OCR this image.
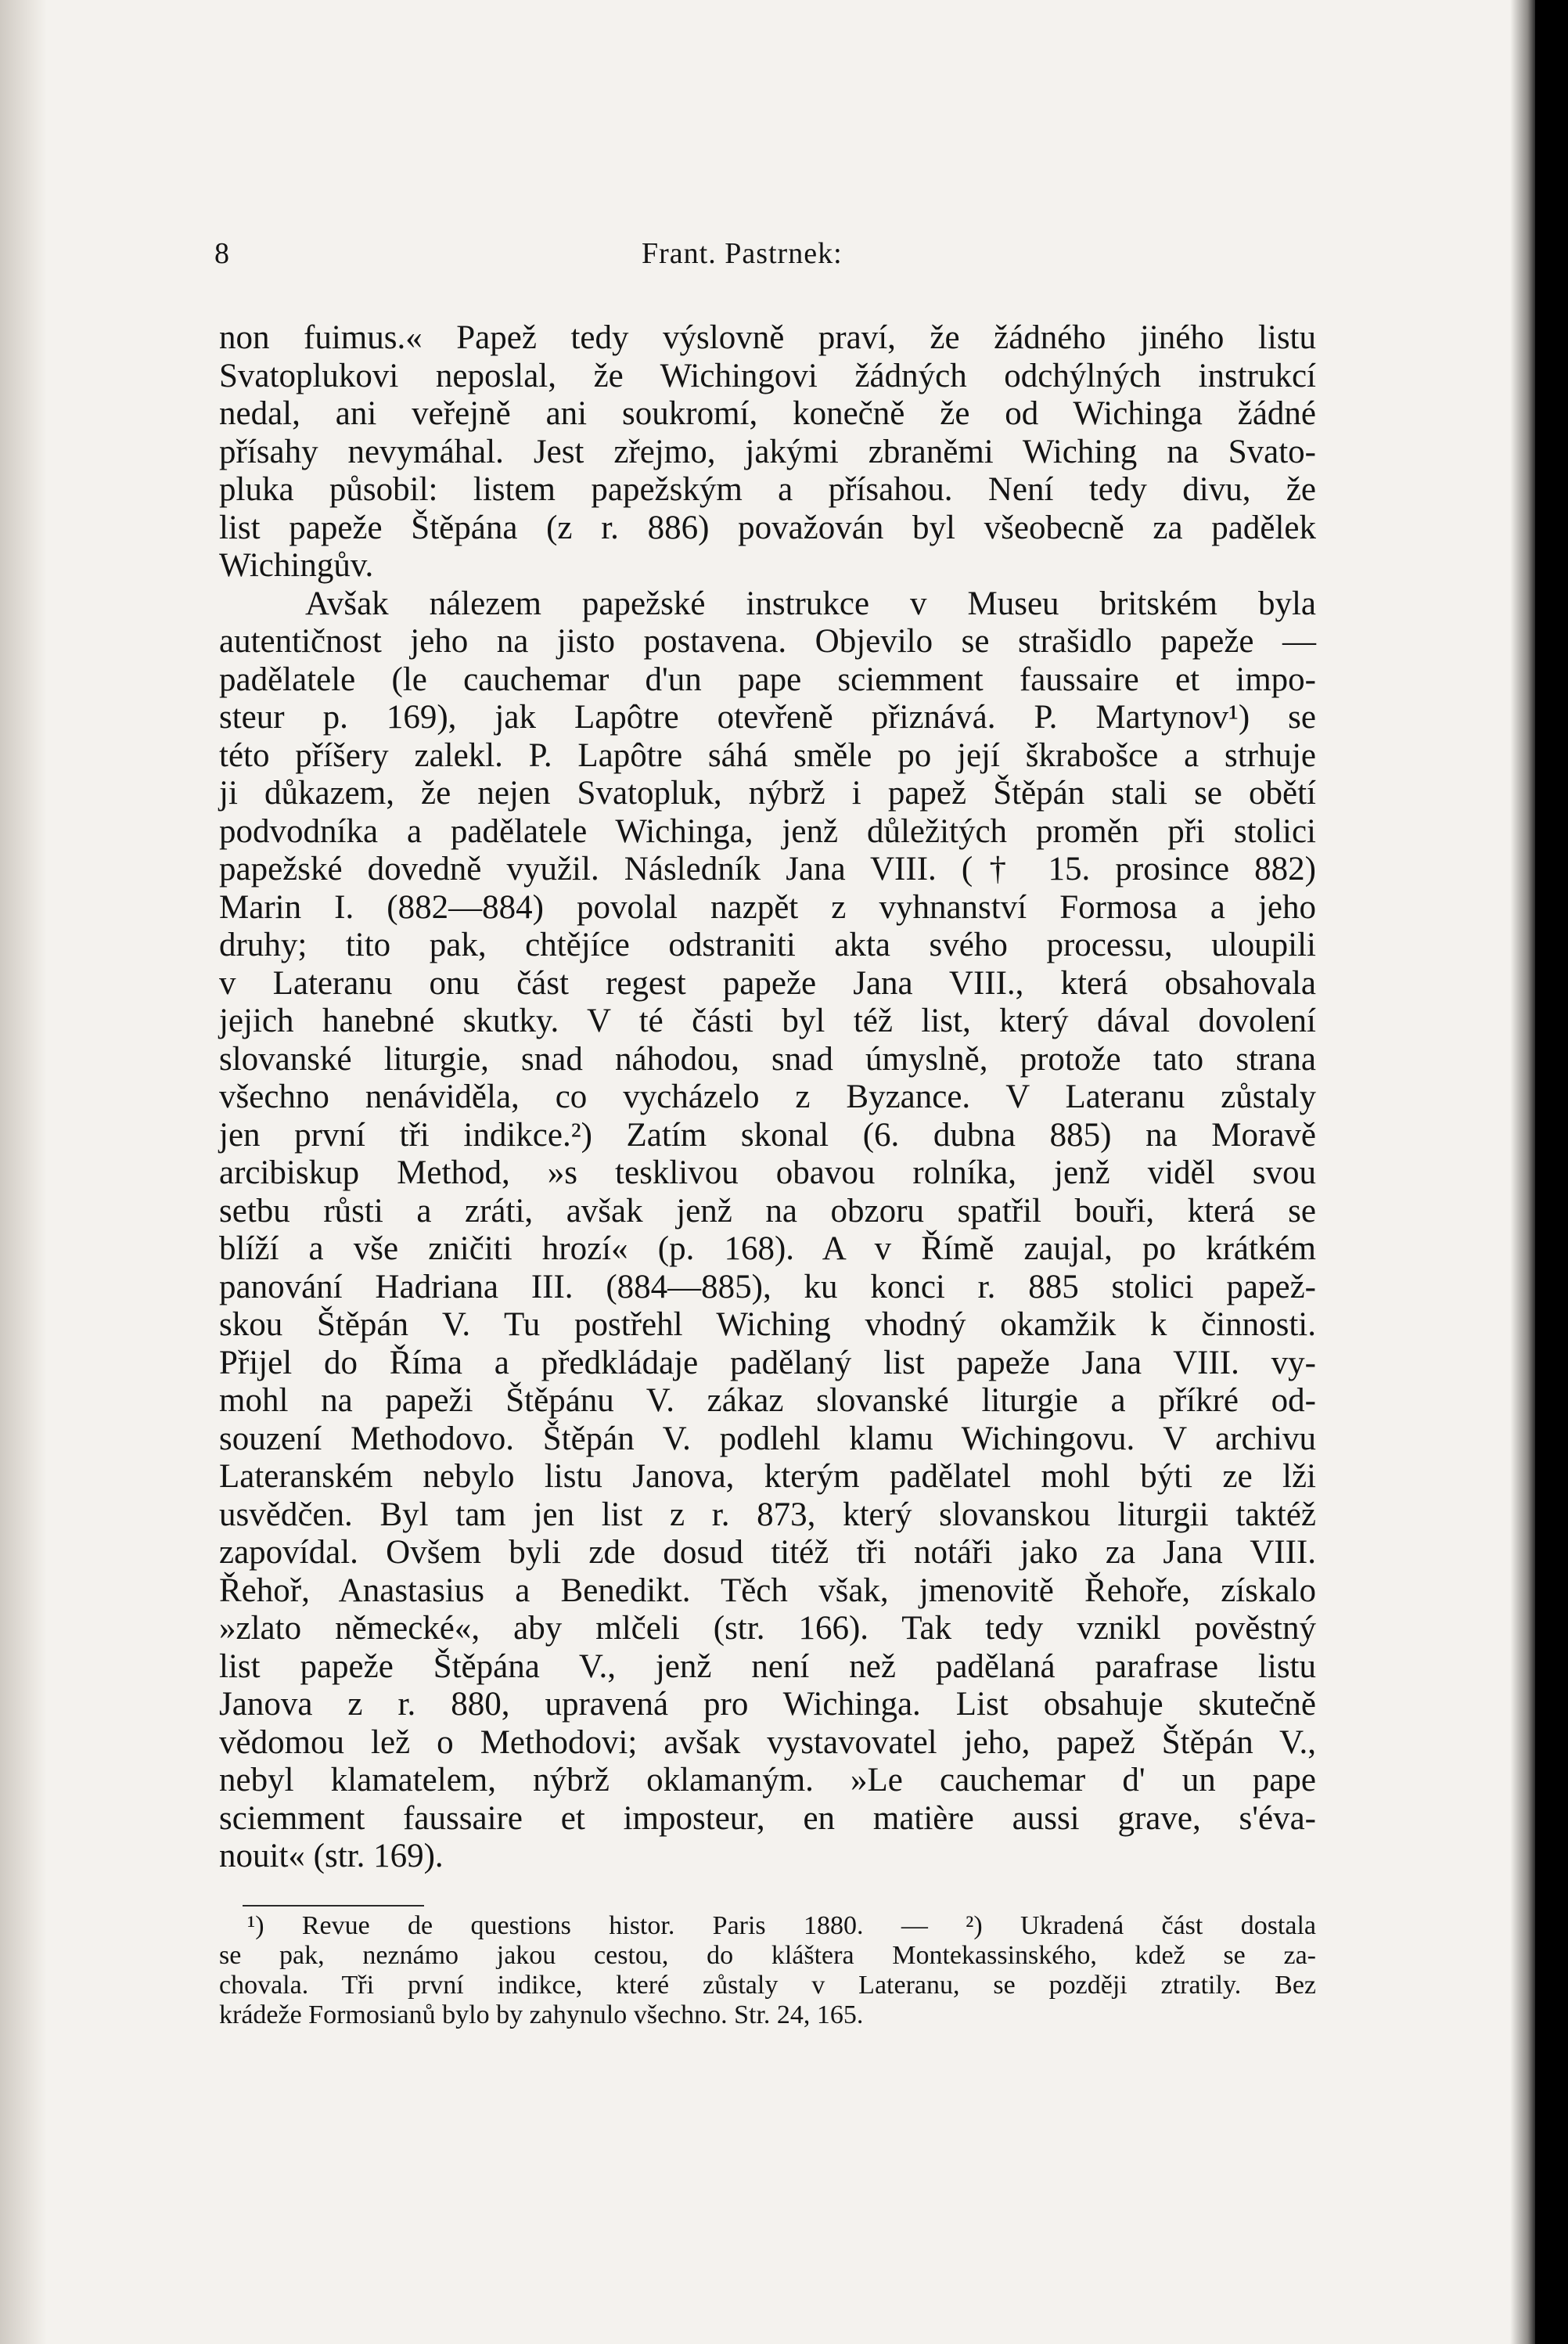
8	Frant. Pastrnek:
non fuimus.« Papež tedy výslovně praví, že žádného jiného listu
Svatoplukovi neposlal, že Wichingovi žádných odchýlných instrukcí
nedal, ani veřejně ani soukromí, konečně že od Wichinga žádné
přísahy nevymáhal. Jest zřejmo, jakými zbraněmi Wiching na Svato-
pluka působil: listem papežským a přísahou. Není tedy divu, že
list papeže Štěpána (z r. 886) považován byl všeobecně za padělek
Wichingův.
Avšak nálezem papežské instrukce v Museu britském byla
autentičnost jeho na jisto postavena. Objevilo se strašidlo papeže —
padělatele (le cauchemar d'un pape sciemment faussaire et impo-
steur p. 169), jak Lapôtre otevřeně přiznává. P. Martynov¹) se
této příšery zalekl. P. Lapôtre sáhá směle po její škrabošce a strhuje
ji důkazem, že nejen Svatopluk, nýbrž i papež Štěpán stali se obětí
podvodníka a padělatele Wichinga, jenž důležitých proměn při stolici
papežské dovedně využil. Následník Jana VIII. († 15. prosince 882)
Marin I. (882—884) povolal nazpět z vyhnanství Formosa a jeho
druhy; tito pak, chtějíce odstraniti akta svého processu, uloupili
v Lateranu onu část regest papeže Jana VIII., která obsahovala
jejich hanebné skutky. V té části byl též list, který dával dovolení
slovanské liturgie, snad náhodou, snad úmyslně, protože tato strana
všechno nenáviděla, co vycházelo z Byzance. V Lateranu zůstaly
jen první tři indikce.²) Zatím skonal (6. dubna 885) na Moravě
arcibiskup Method, »s tesklivou obavou rolníka, jenž viděl svou
setbu růsti a zráti, avšak jenž na obzoru spatřil bouři, která se
blíží a vše zničiti hrozí« (p. 168). A v Římě zaujal, po krátkém
panování Hadriana III. (884—885), ku konci r. 885 stolici papež-
skou Štěpán V. Tu postřehl Wiching vhodný okamžik k činnosti.
Přijel do Říma a předkládaje padělaný list papeže Jana VIII. vy-
mohl na papeži Štěpánu V. zákaz slovanské liturgie a příkré od-
souzení Methodovo. Štěpán V. podlehl klamu Wichingovu. V archivu
Lateranském nebylo listu Janova, kterým padělatel mohl býti ze lži
usvědčen. Byl tam jen list z r. 873, který slovanskou liturgii taktéž
zapovídal. Ovšem byli zde dosud titéž tři notáři jako za Jana VIII.
Řehoř, Anastasius a Benedikt. Těch však, jmenovitě Řehoře, získalo
»zlato německé«, aby mlčeli (str. 166). Tak tedy vznikl pověstný
list papeže Štěpána V., jenž není než padělaná parafrase listu
Janova z r. 880, upravená pro Wichinga. List obsahuje skutečně
vědomou lež o Methodovi; avšak vystavovatel jeho, papež Štěpán V.,
nebyl klamatelem, nýbrž oklamaným. »Le cauchemar d' un pape
sciemment faussaire et imposteur, en matière aussi grave, s'éva-
nouit« (str. 169).
¹) Revue de questions histor. Paris 1880. — ²) Ukradená část dostala
se pak, neznámo jakou cestou, do kláštera Montekassinského, kdež se za-
chovala. Tři první indikce, které zůstaly v Lateranu, se později ztratily. Bez
krádeže Formosianů bylo by zahynulo všechno. Str. 24, 165.
